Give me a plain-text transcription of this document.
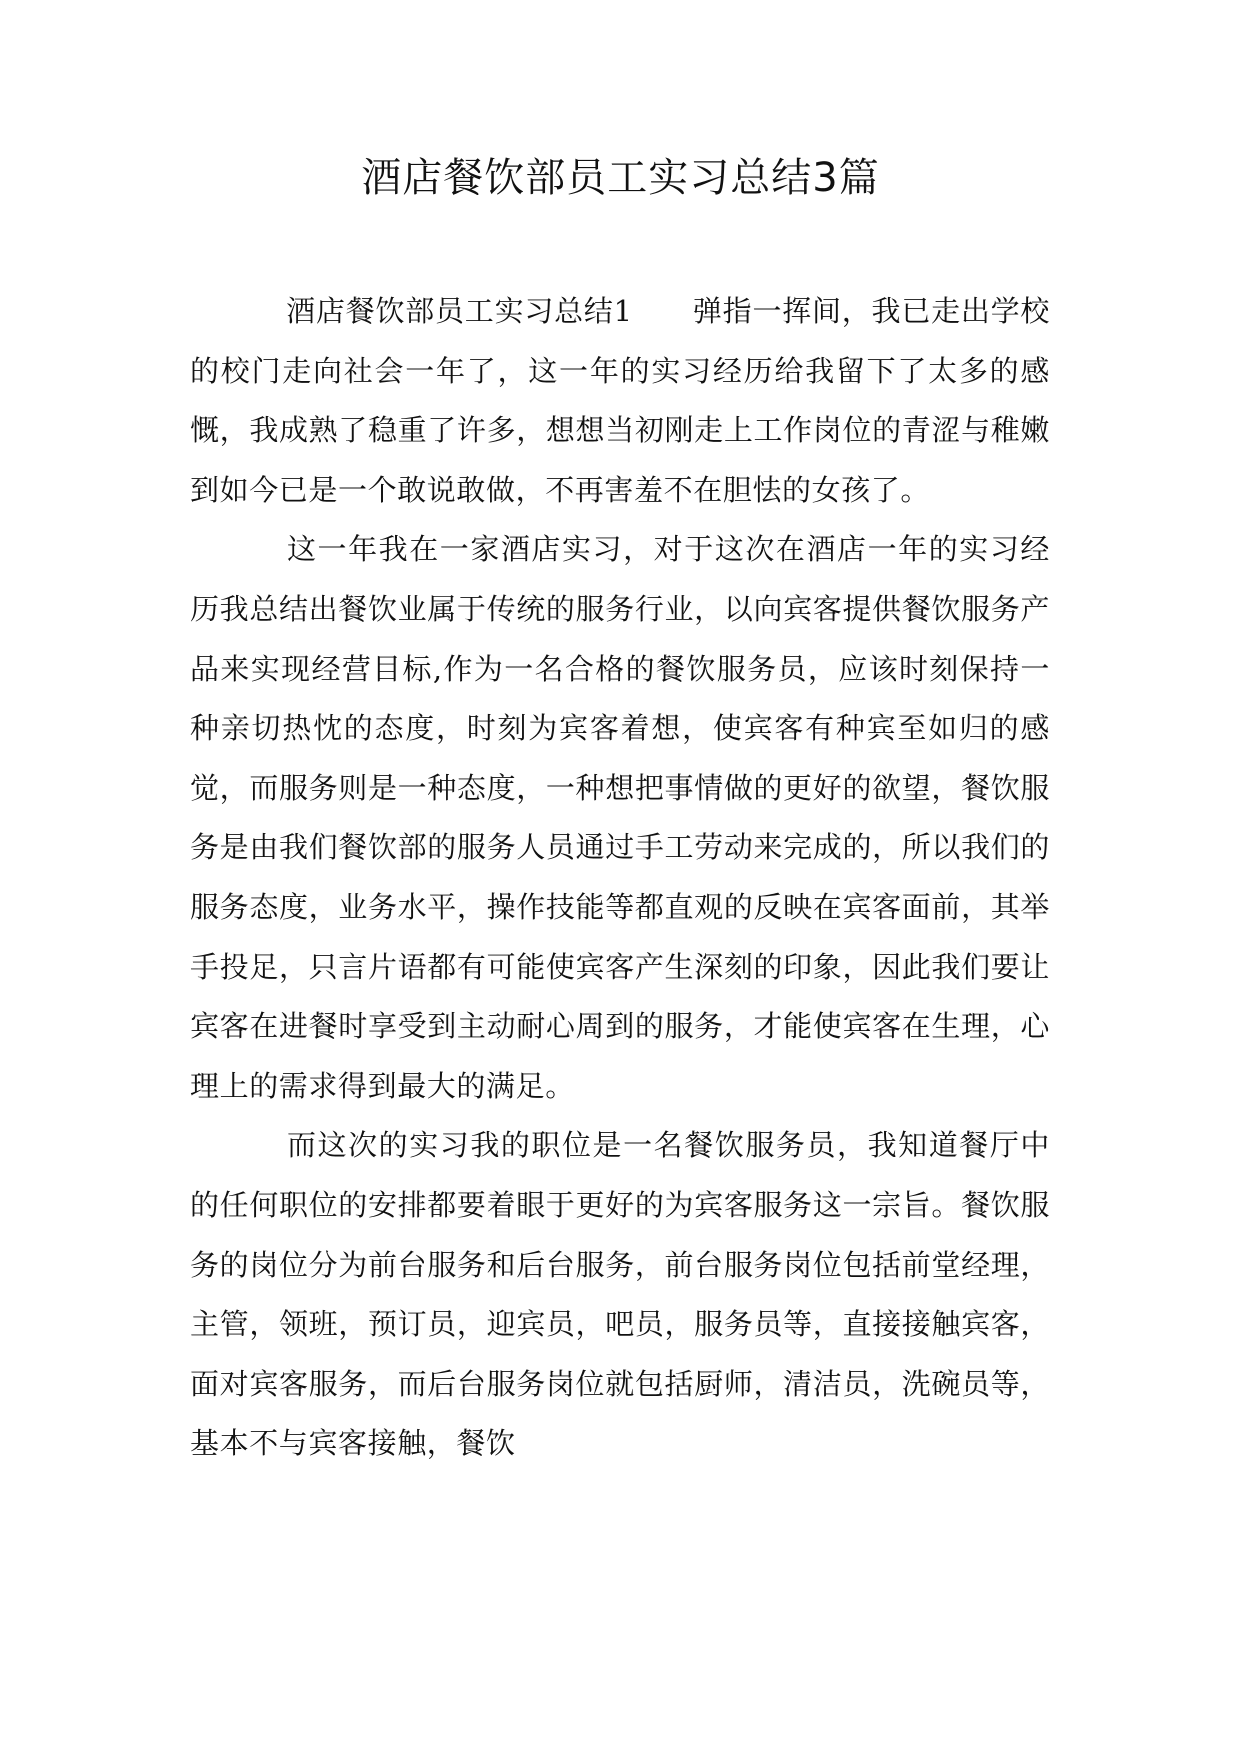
酒店餐饮部员工实习总结3篇

酒店餐饮部员工实习总结1 弹指一挥间，我已走出学校的校门走向社会一年了，这一年的实习经历给我留下了太多的感慨，我成熟了稳重了许多，想想当初刚走上工作岗位的青涩与稚嫩到如今已是一个敢说敢做，不再害羞不在胆怯的女孩了。

这一年我在一家酒店实习，对于这次在酒店一年的实习经历我总结出餐饮业属于传统的服务行业，以向宾客提供餐饮服务产品来实现经营目标,作为一名合格的餐饮服务员，应该时刻保持一种亲切热忱的态度，时刻为宾客着想，使宾客有种宾至如归的感觉，而服务则是一种态度，一种想把事情做的更好的欲望，餐饮服务是由我们餐饮部的服务人员通过手工劳动来完成的，所以我们的服务态度，业务水平，操作技能等都直观的反映在宾客面前，其举手投足，只言片语都有可能使宾客产生深刻的印象，因此我们要让宾客在进餐时享受到主动耐心周到的服务，才能使宾客在生理，心理上的需求得到最大的满足。

而这次的实习我的职位是一名餐饮服务员，我知道餐厅中的任何职位的安排都要着眼于更好的为宾客服务这一宗旨。餐饮服务的岗位分为前台服务和后台服务，前台服务岗位包括前堂经理，主管，领班，预订员，迎宾员，吧员，服务员等，直接接触宾客，面对宾客服务，而后台服务岗位就包括厨师，清洁员，洗碗员等，基本不与宾客接触，餐饮
